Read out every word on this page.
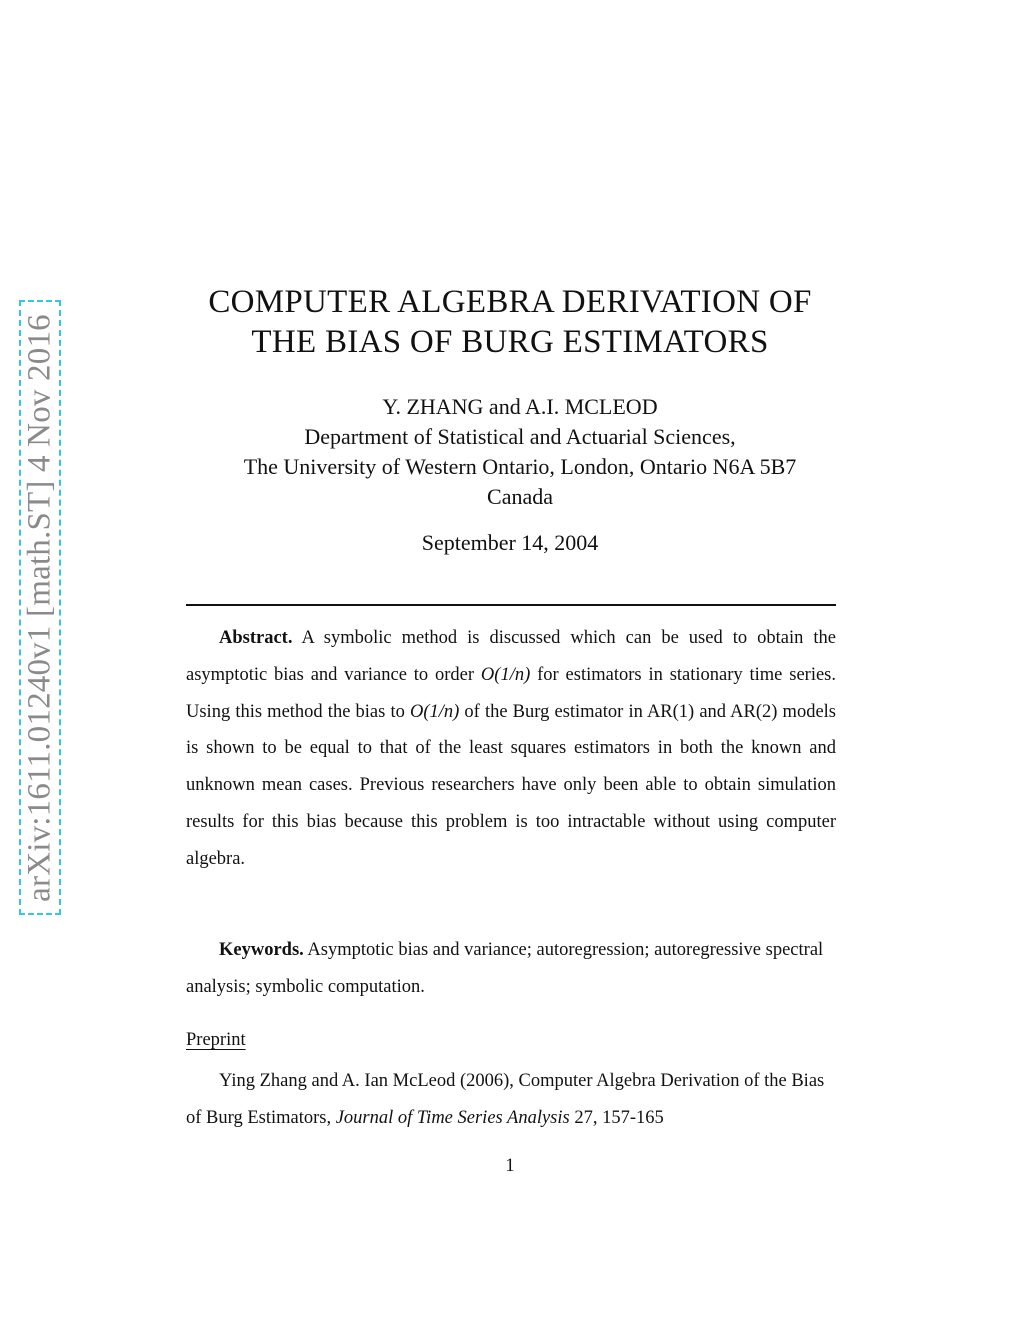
arXiv:1611.01240v1 [math.ST] 4 Nov 2016
COMPUTER ALGEBRA DERIVATION OF
THE BIAS OF BURG ESTIMATORS
Y. ZHANG and A.I. MCLEOD
Department of Statistical and Actuarial Sciences,
The University of Western Ontario, London, Ontario N6A 5B7
Canada
September 14, 2004
Abstract. A symbolic method is discussed which can be used to obtain the asymptotic bias and variance to order O(1/n) for estimators in stationary time series. Using this method the bias to O(1/n) of the Burg estimator in AR(1) and AR(2) models is shown to be equal to that of the least squares estimators in both the known and unknown mean cases. Previous researchers have only been able to obtain simulation results for this bias because this problem is too intractable without using computer algebra.
Keywords. Asymptotic bias and variance; autoregression; autoregressive spectral analysis; symbolic computation.
Preprint
Ying Zhang and A. Ian McLeod (2006), Computer Algebra Derivation of the Bias of Burg Estimators, Journal of Time Series Analysis 27, 157-165
1
